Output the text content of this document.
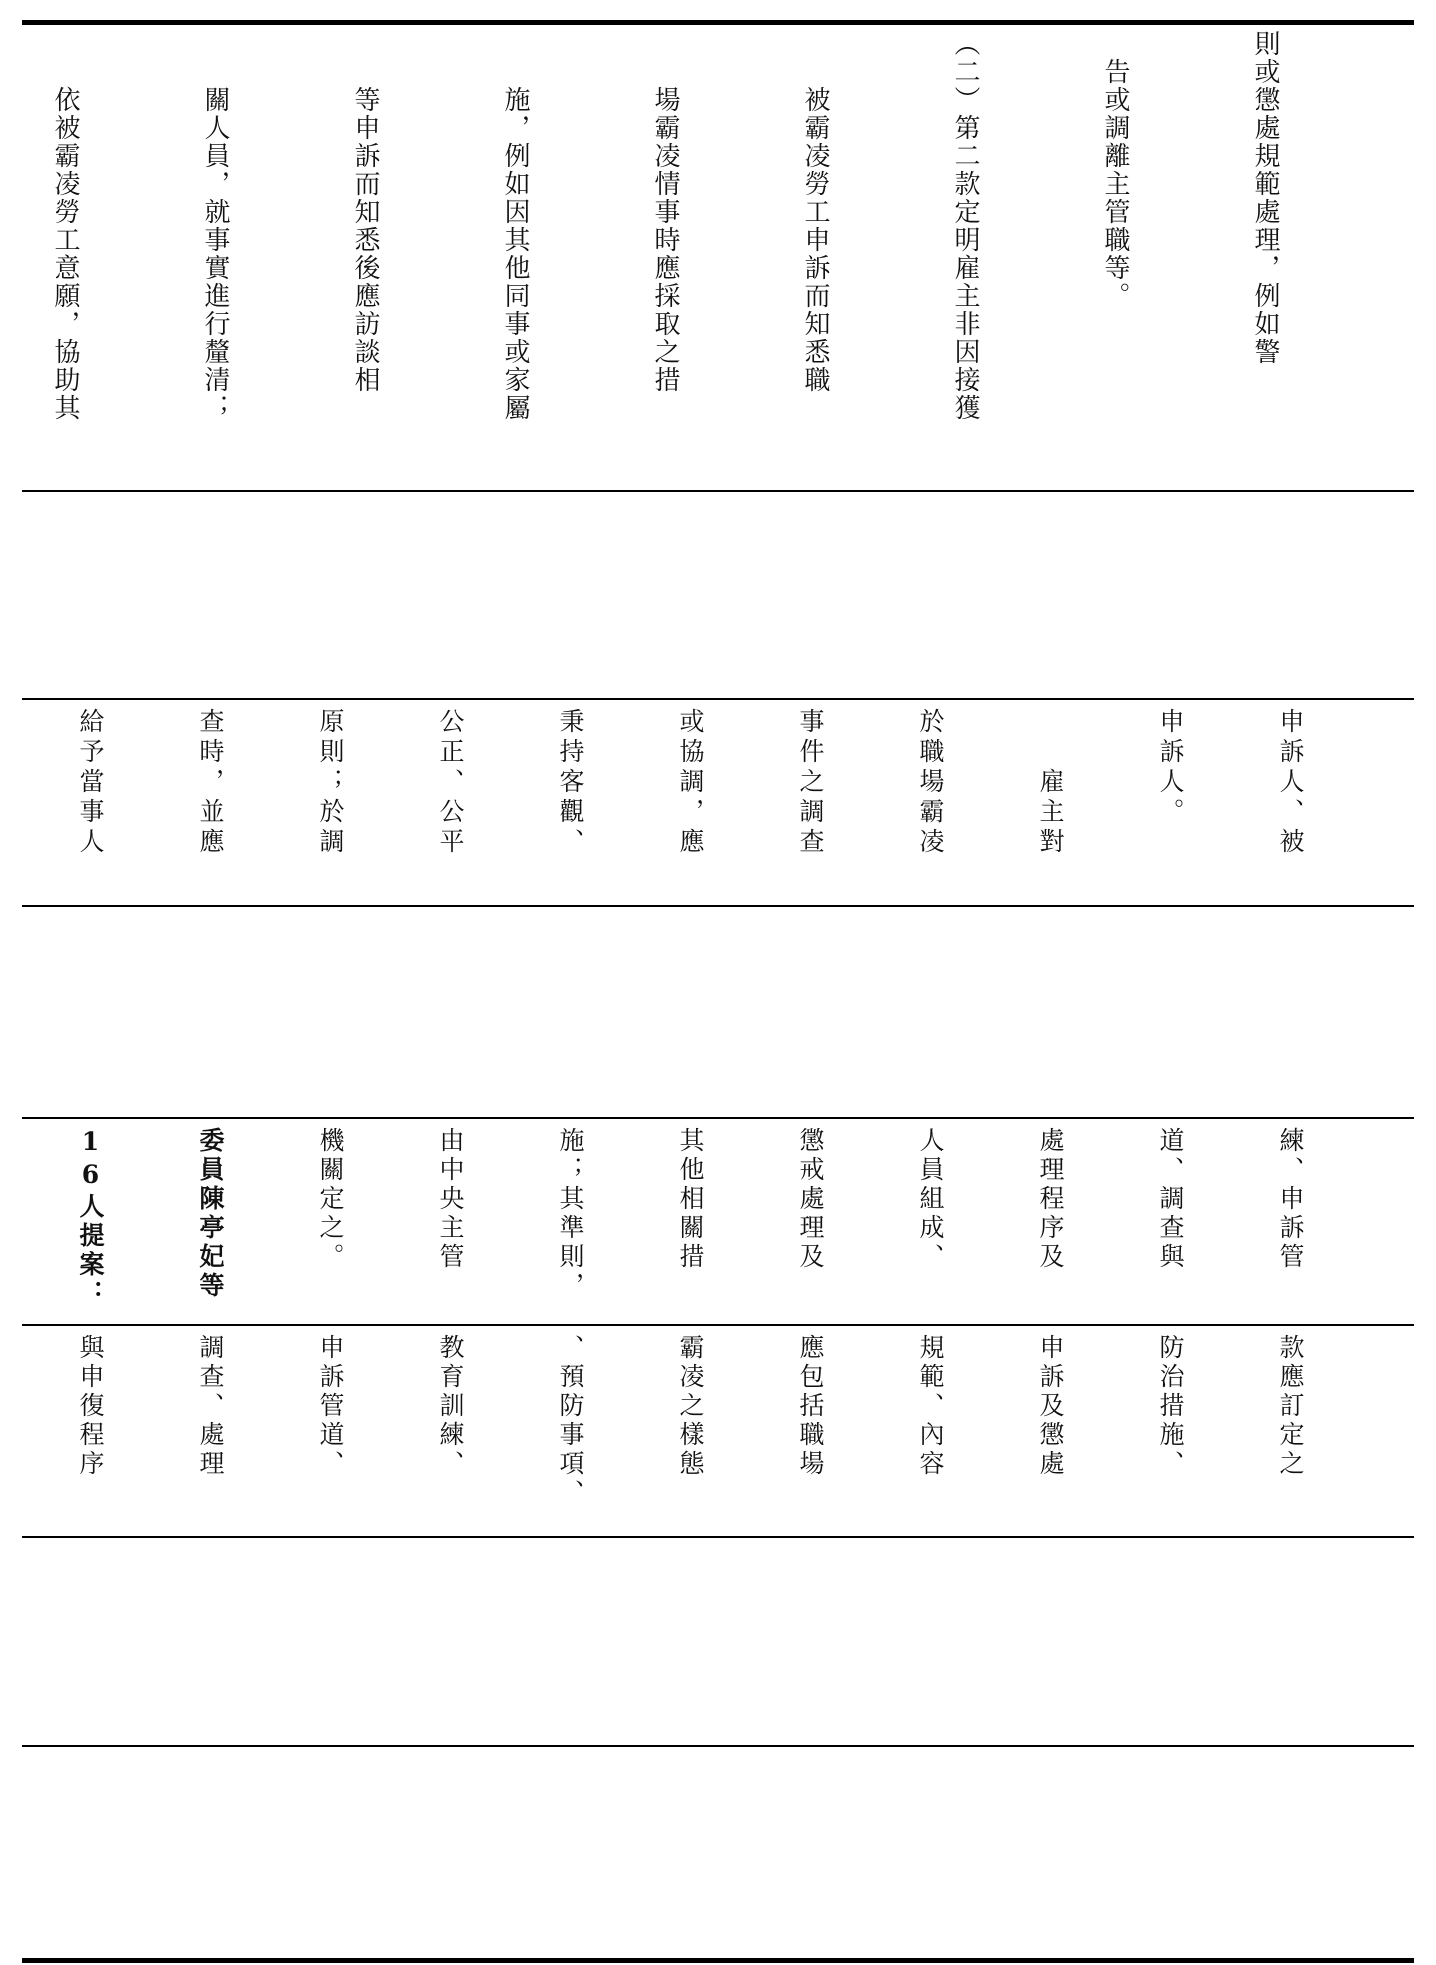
則或懲處規範處理，例如警

　告或調離主管職等。

（二）第二款定明雇主非因接獲

　　被霸凌勞工申訴而知悉職

　　場霸凌情事時應採取之措

　　施，例如因其他同事或家屬

　　等申訴而知悉後應訪談相

　　關人員，就事實進行釐清；

　　依被霸凌勞工意願，協助其

申訴人、被

申訴人。

　　雇主對

於職場霸凌

事件之調查

或協調，應

秉持客觀、

公正、公平

原則；於調

查時，並應

給予當事人

練、申訴管

道、調查與

處理程序及

人員組成、

懲戒處理及

其他相關措

施；其準則，

由中央主管

機關定之。

委員陳亭妃等

16人提案：

款應訂定之

防治措施、

申訴及懲處

規範、內容

應包括職場

霸凌之樣態

、預防事項、

教育訓練、

申訴管道、

調查、處理

與申復程序
